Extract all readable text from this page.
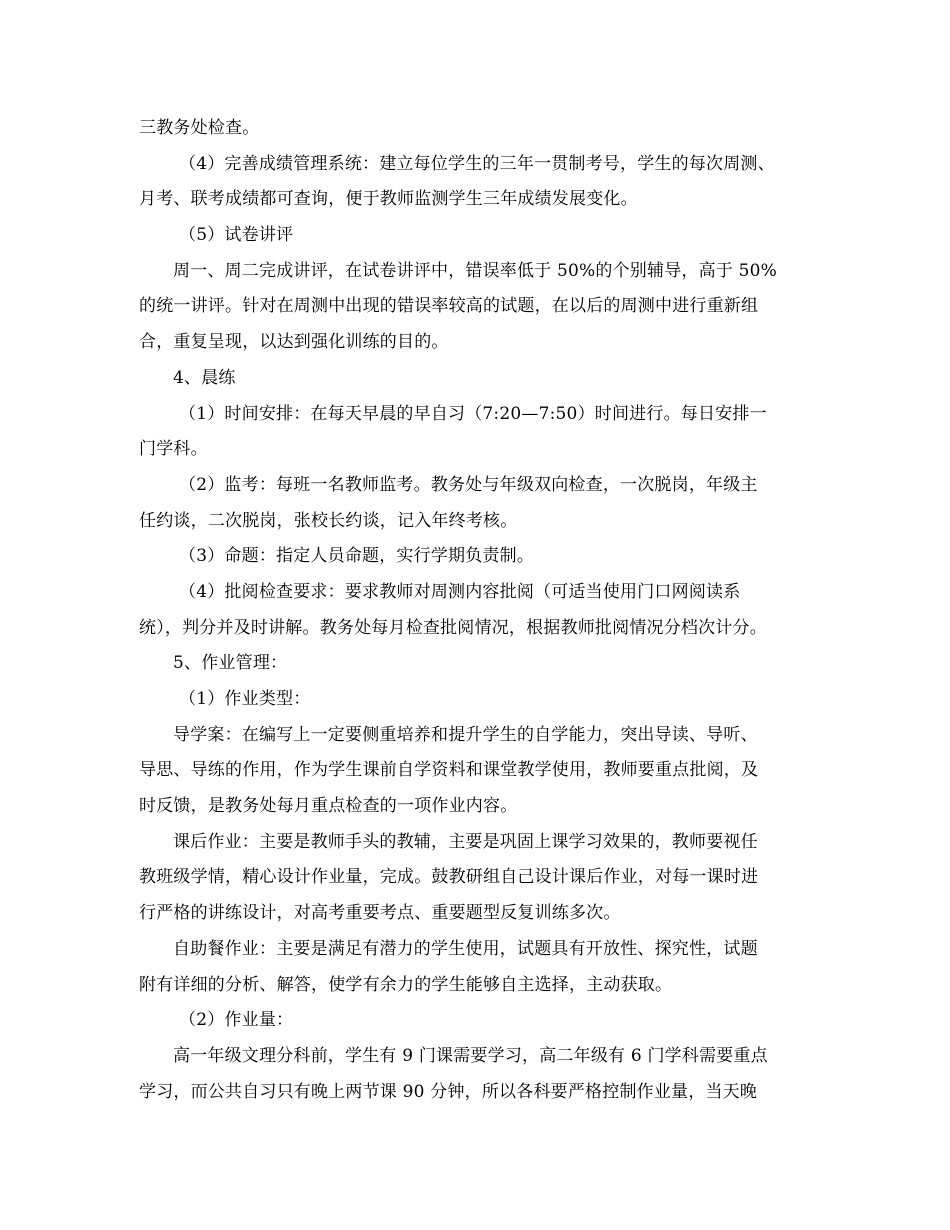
三教务处检查。
（4）完善成绩管理系统：建立每位学生的三年一贯制考号，学生的每次周测、
月考、联考成绩都可查询，便于教师监测学生三年成绩发展变化。
（5）试卷讲评
周一、周二完成讲评，在试卷讲评中，错误率低于 50%的个别辅导，高于 50%
的统一讲评。针对在周测中出现的错误率较高的试题，在以后的周测中进行重新组
合，重复呈现，以达到强化训练的目的。
4、晨练
（1）时间安排：在每天早晨的早自习（7:20—7:50）时间进行。每日安排一
门学科。
（2）监考：每班一名教师监考。教务处与年级双向检查，一次脱岗，年级主
任约谈，二次脱岗，张校长约谈，记入年终考核。
（3）命题：指定人员命题，实行学期负责制。
（4）批阅检查要求：要求教师对周测内容批阅（可适当使用门口网阅读系
统），判分并及时讲解。教务处每月检查批阅情况，根据教师批阅情况分档次计分。
5、作业管理：
（1）作业类型：
导学案：在编写上一定要侧重培养和提升学生的自学能力，突出导读、导听、
导思、导练的作用，作为学生课前自学资料和课堂教学使用，教师要重点批阅，及
时反馈，是教务处每月重点检查的一项作业内容。
课后作业：主要是教师手头的教辅，主要是巩固上课学习效果的，教师要视任
教班级学情，精心设计作业量，完成。鼓教研组自己设计课后作业，对每一课时进
行严格的讲练设计，对高考重要考点、重要题型反复训练多次。
自助餐作业：主要是满足有潜力的学生使用，试题具有开放性、探究性，试题
附有详细的分析、解答，使学有余力的学生能够自主选择，主动获取。
（2）作业量：
高一年级文理分科前，学生有 9 门课需要学习，高二年级有 6 门学科需要重点
学习，而公共自习只有晚上两节课 90 分钟，所以各科要严格控制作业量，当天晚
